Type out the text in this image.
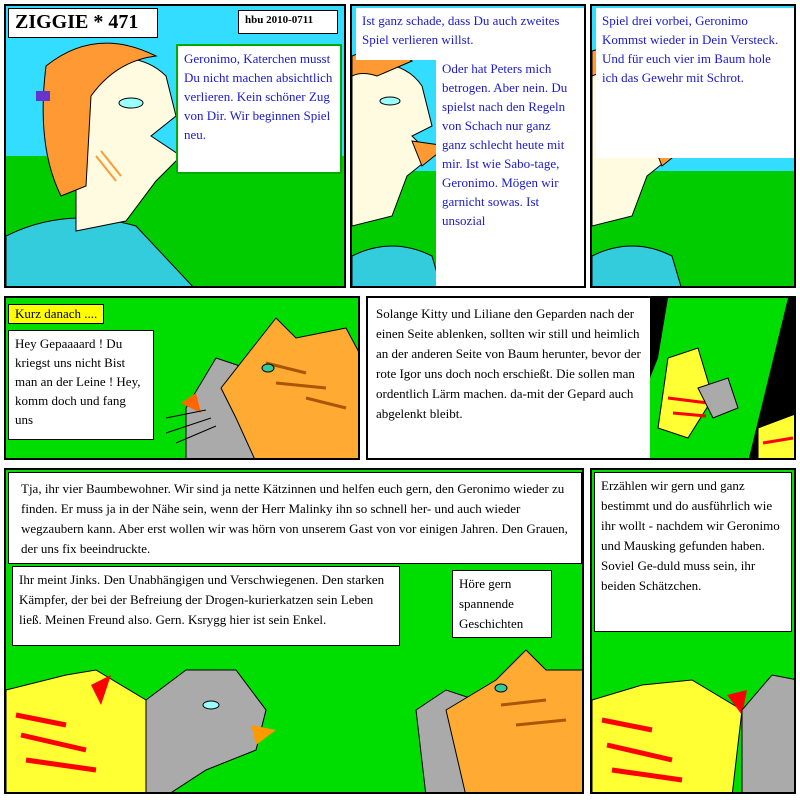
ZIGGIE * 471	hbu 2010-0711
Geronimo, Katerchen musst Du nicht machen absichtlich verlieren. Kein schöner Zug von Dir. Wir beginnen Spiel neu.
Ist ganz schade, dass Du auch zweites Spiel verlieren willst.
Oder hat Peters mich betrogen. Aber nein. Du spielst nach den Regeln von Schach nur ganz ganz schlecht heute mit mir. Ist wie Sabo-tage, Geronimo. Mögen wir garnicht sowas. Ist unsozial
Spiel drei vorbei, Geronimo Kommst wieder in Dein Versteck. Und für euch vier im Baum hole ich das Gewehr mit Schrot.
Kurz danach ....
Hey Gepaaaard ! Du kriegst uns nicht Bist man an der Leine ! Hey, komm doch und fang uns
Solange Kitty und Liliane den Geparden nach der einen Seite ablenken, sollten wir still und heimlich an der anderen Seite von Baum herunter, bevor der rote Igor uns doch noch erschießt. Die sollen man ordentlich Lärm machen. da-mit der Gepard auch abgelenkt bleibt.
Tja, ihr vier Baumbewohner. Wir sind ja nette Kätzinnen und helfen euch gern, den Geronimo wieder zu finden. Er muss ja in der Nähe sein, wenn der Herr Malinky ihn so schnell her- und auch wieder wegzaubern kann. Aber erst wollen wir was hörn von unserem Gast von vor einigen Jahren. Den Grauen, der uns fix beeindruckte.
Ihr meint Jinks. Den Unabhängigen und Verschwiegenen. Den starken Kämpfer, der bei der Befreiung der Drogen-kurierkatzen sein Leben ließ. Meinen Freund also. Gern. Ksrygg hier ist sein Enkel.
Höre gern spannende Geschichten
Erzählen wir gern und ganz bestimmt und do ausführlich wie ihr wollt - nachdem wir Geronimo und Mausking gefunden haben. Soviel Ge-duld muss sein, ihr beiden Schätzchen.
